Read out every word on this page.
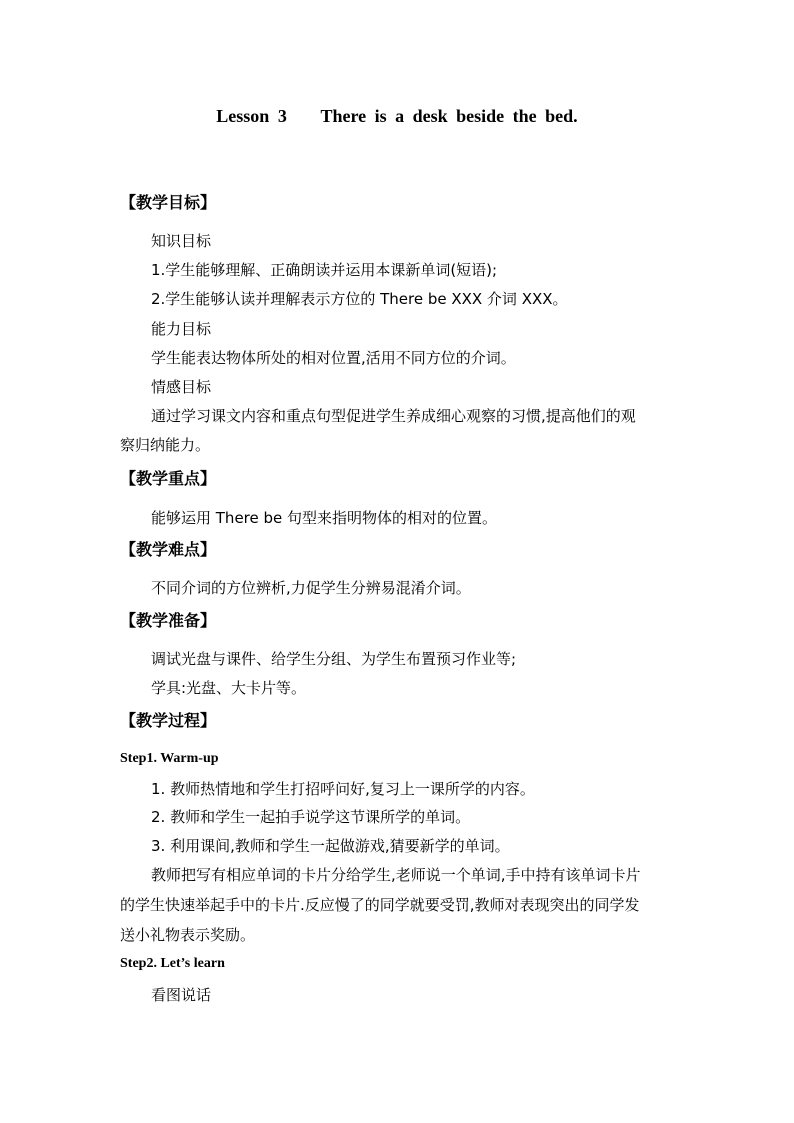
Lesson 3    There is a desk beside the bed.
【教学目标】
知识目标
1.学生能够理解、正确朗读并运用本课新单词(短语);
2.学生能够认读并理解表示方位的 There be XXX 介词 XXX。
能力目标
学生能表达物体所处的相对位置,活用不同方位的介词。
情感目标
通过学习课文内容和重点句型促进学生养成细心观察的习惯,提高他们的观
察归纳能力。
【教学重点】
能够运用 There be 句型来指明物体的相对的位置。
【教学难点】
不同介词的方位辨析,力促学生分辨易混淆介词。
【教学准备】
调试光盘与课件、给学生分组、为学生布置预习作业等;
学具:光盘、大卡片等。
【教学过程】
Step1. Warm-up
1. 教师热情地和学生打招呼问好,复习上一课所学的内容。
2. 教师和学生一起拍手说学这节课所学的单词。
3. 利用课间,教师和学生一起做游戏,猜要新学的单词。
教师把写有相应单词的卡片分给学生,老师说一个单词,手中持有该单词卡片
的学生快速举起手中的卡片.反应慢了的同学就要受罚,教师对表现突出的同学发
送小礼物表示奖励。
Step2. Let’s learn
看图说话
